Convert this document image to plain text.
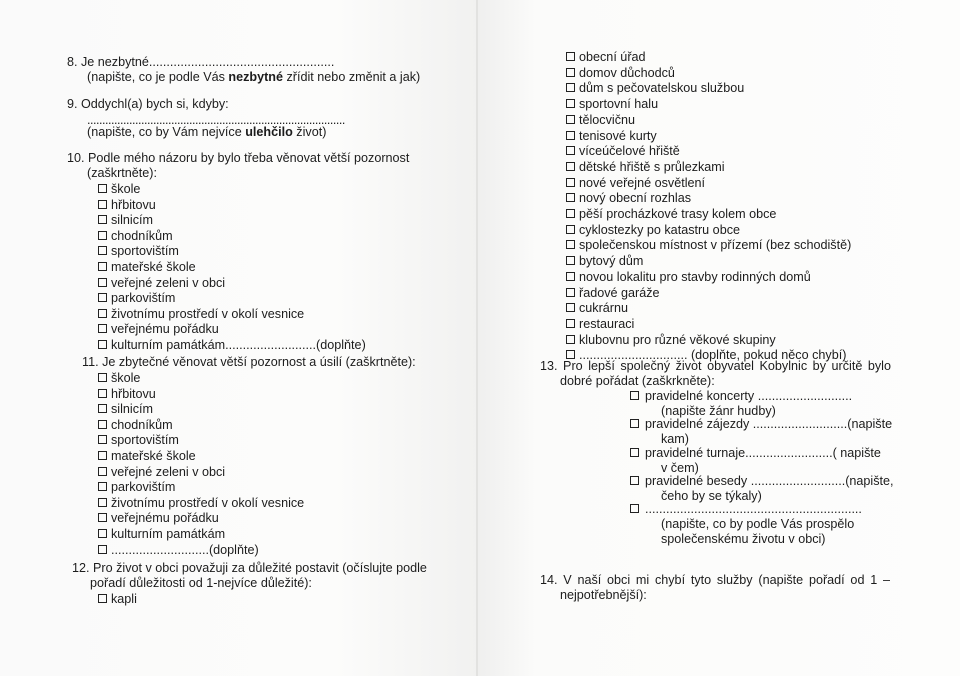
8. Je nezbytné.....................................................
(napište, co je podle Vás nezbytné zřídit nebo změnit a jak)
9. Oddychl(a) bych si, kdyby:
......................................................................................
(napište, co by Vám nejvíce ulehčilo život)
10. Podle mého názoru by bylo třeba věnovat větší pozornost
(zaškrtněte):
škole
hřbitovu
silnicím
chodníkům
sportovištím
mateřské škole
veřejné zeleni v obci
parkovištím
životnímu prostředí v okolí vesnice
veřejnému pořádku
kulturním památkám..........................(doplňte)
11. Je zbytečné věnovat větší pozornost a úsilí (zaškrtněte):
škole
hřbitovu
silnicím
chodníkům
sportovištím
mateřské škole
veřejné zeleni v obci
parkovištím
životnímu prostředí v okolí vesnice
veřejnému pořádku
kulturním památkám
............................(doplňte)
12. Pro život v obci považuji za důležité postavit (očíslujte podle
pořadí důležitosti od 1-nejvíce důležité):
kapli
obecní úřad
domov důchodců
dům s pečovatelskou službou
sportovní halu
tělocvičnu
tenisové kurty
víceúčelové hřiště
dětské hřiště s průlezkami
nové veřejné osvětlení
nový obecní rozhlas
pěší procházkové trasy kolem obce
cyklostezky po katastru obce
společenskou místnost v přízemí (bez schodiště)
bytový dům
novou lokalitu pro stavby rodinných domů
řadové garáže
cukrárnu
restauraci
klubovnu pro různé věkové skupiny
............................... (doplňte, pokud něco chybí)
13. Pro lepší společný život obyvatel Kobylnic by určitě bylo
dobré pořádat (zaškrkněte):
pravidelné koncerty ...........................
(napište žánr hudby)
pravidelné zájezdy ...........................(napište
kam)
pravidelné turnaje.........................( napište
v čem)
pravidelné besedy ...........................(napište,
čeho by se týkaly)
..............................................................
(napište, co by podle Vás prospělo
společenskému životu v obci)
14. V naší obci mi chybí tyto služby (napište pořadí od 1 –
nejpotřebnější):
